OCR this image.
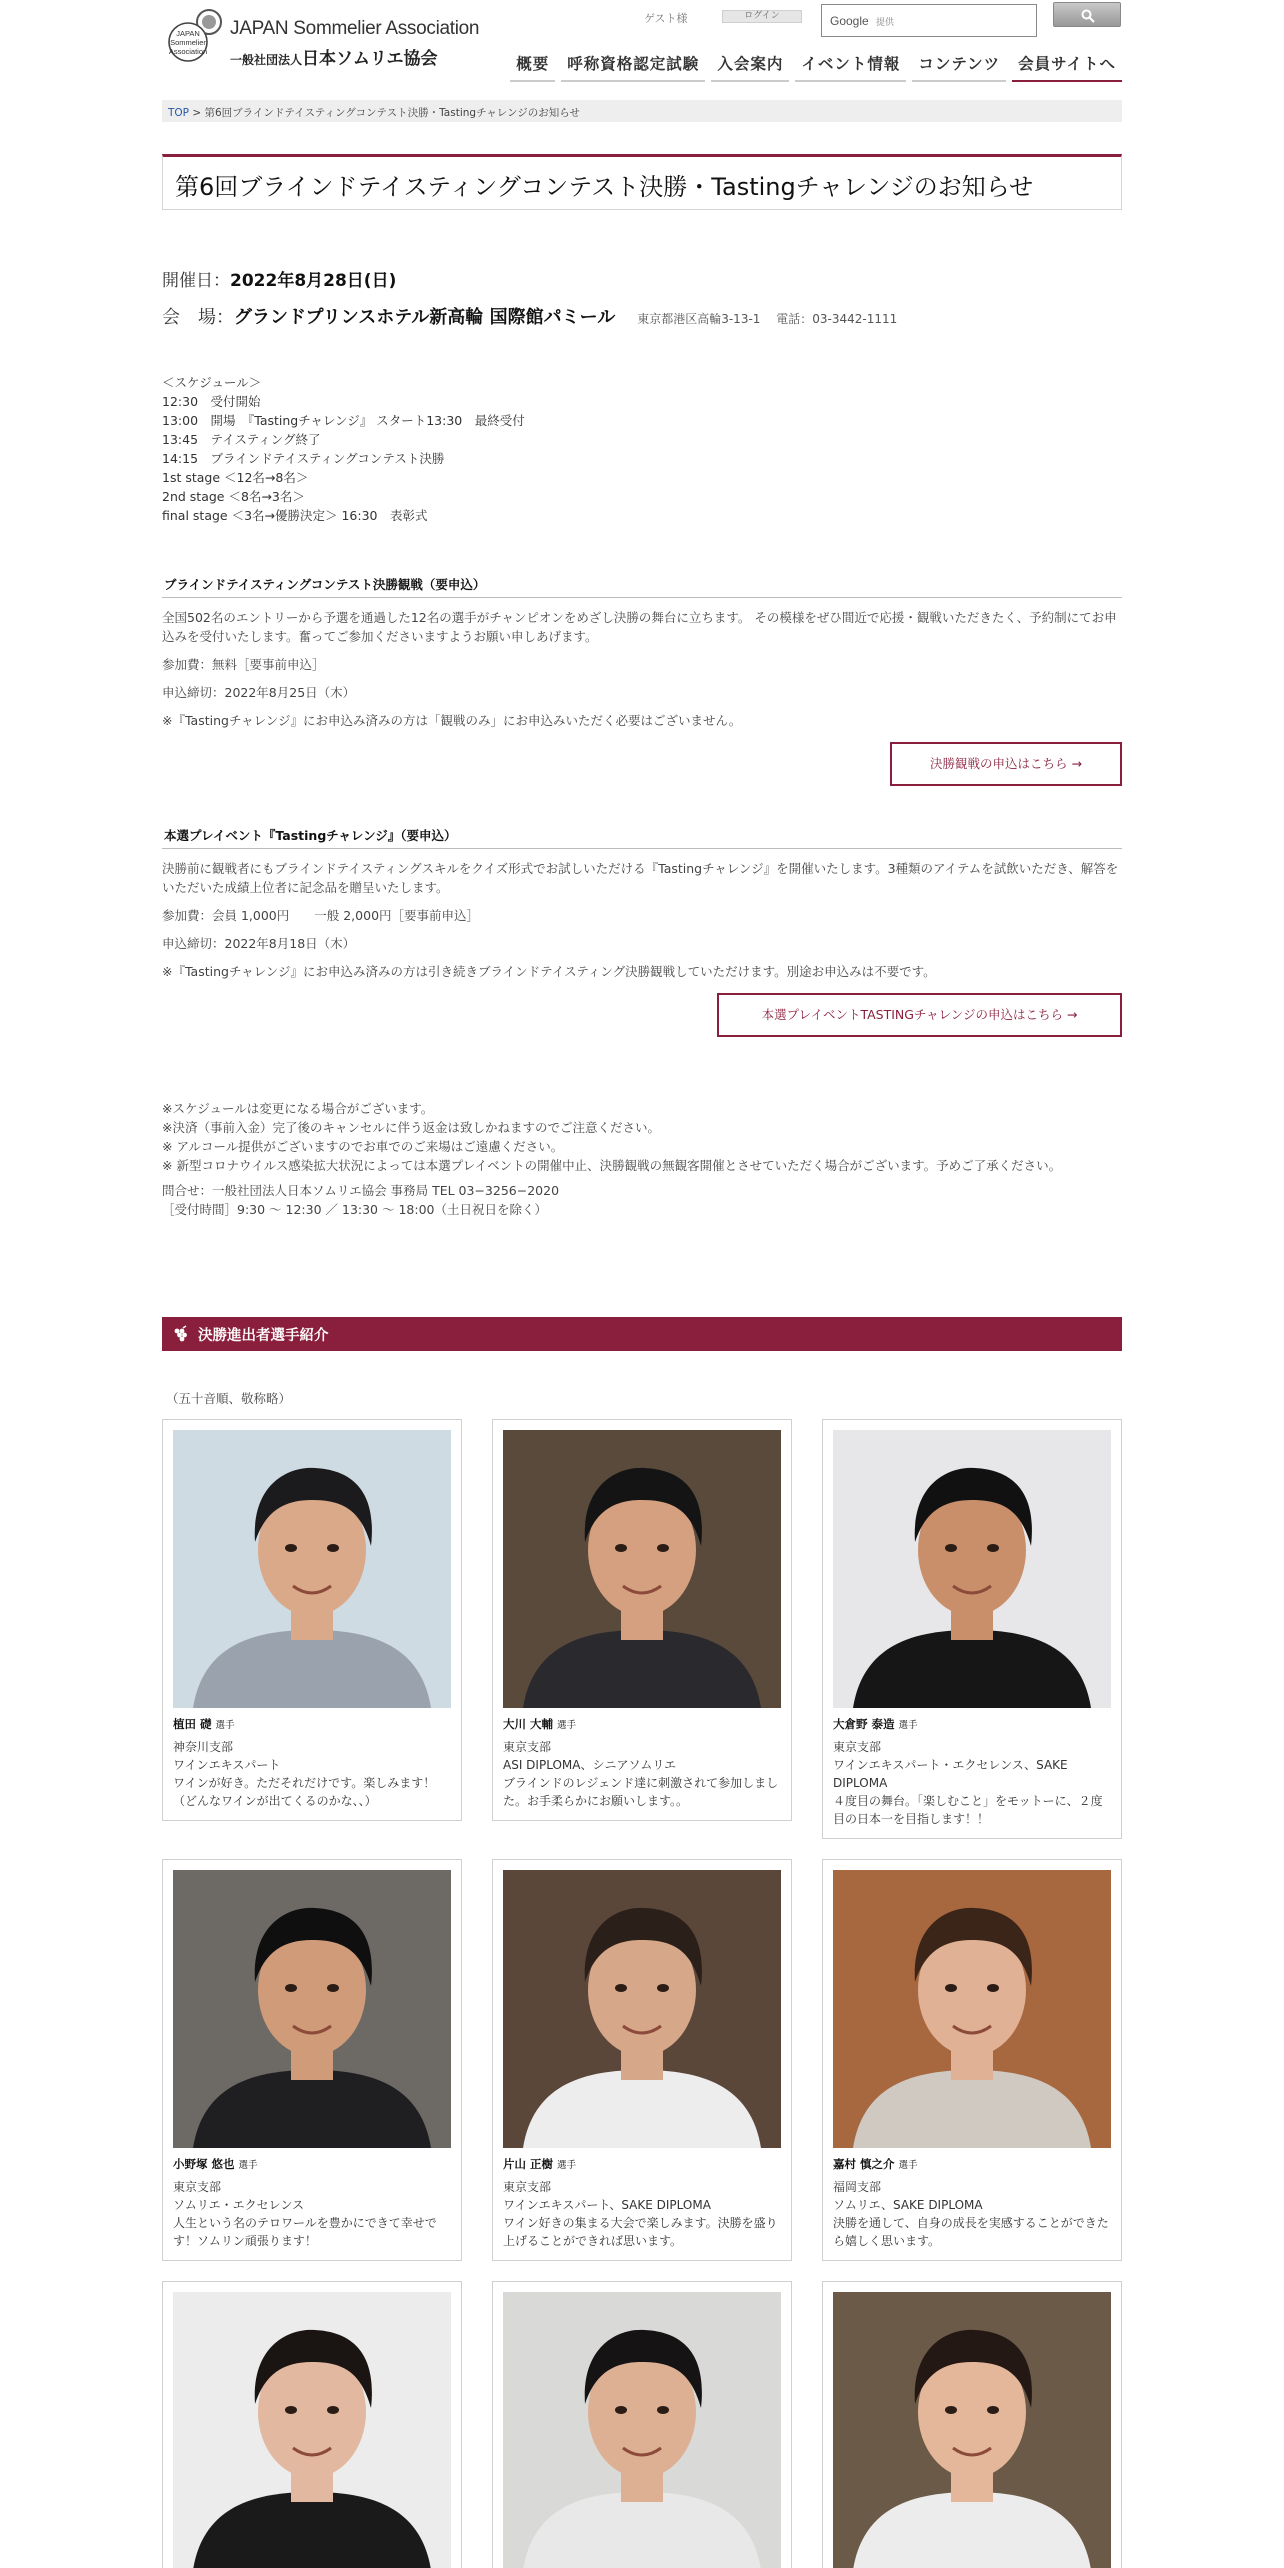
JAPAN
Sommelier
Association
JAPAN Sommelier Association
一般社団法人日本ソムリエ協会
ゲスト様	ログイン	Google 提供
概要	呼称資格認定試験	入会案内	イベント情報	コンテンツ	会員サイトへ
TOP > 第6回ブラインドテイスティングコンテスト決勝・Tastingチャレンジのお知らせ
第6回ブラインドテイスティングコンテスト決勝・Tastingチャレンジのお知らせ
開催日：2022年8月28日(日)
会　場：グランドプリンスホテル新高輪 国際館パミール 東京都港区高輪3-13-1　 電話：03-3442-1111
＜スケジュール＞
12:30　受付開始
13:00　開場　『Tastingチャレンジ』 スタート13:30　最終受付
13:45　テイスティング終了
14:15　ブラインドテイスティングコンテスト決勝
1st stage ＜12名→8名＞
2nd stage ＜8名→3名＞
final stage ＜3名→優勝決定＞ 16:30　表彰式
ブラインドテイスティングコンテスト決勝観戦（要申込）
全国502名のエントリーから予選を通過した12名の選手がチャンピオンをめざし決勝の舞台に立ちます。 その模様をぜひ間近で応援・観戦いただきたく、予約制にてお申込みを受付いたします。奮ってご参加くださいますようお願い申しあげます。
参加費：無料［要事前申込］
申込締切：2022年8月25日（木）
※『Tastingチャレンジ』にお申込み済みの方は「観戦のみ」にお申込みいただく必要はございません。
決勝観戦の申込はこちら →
本選プレイベント『Tastingチャレンジ』（要申込）
決勝前に観戦者にもブラインドテイスティングスキルをクイズ形式でお試しいただける『Tastingチャレンジ』を開催いたします。3種類のアイテムを試飲いただき、解答をいただいた成績上位者に記念品を贈呈いたします。
参加費：会員 1,000円　　一般 2,000円［要事前申込］
申込締切：2022年8月18日（木）
※『Tastingチャレンジ』にお申込み済みの方は引き続きブラインドテイスティング決勝観戦していただけます。別途お申込みは不要です。
本選プレイベントTASTINGチャレンジの申込はこちら →
※スケジュールは変更になる場合がございます。
※決済（事前入金）完了後のキャンセルに伴う返金は致しかねますのでご注意ください。
※ アルコール提供がございますのでお車でのご来場はご遠慮ください。
※ 新型コロナウイルス感染拡大状況によっては本選プレイベントの開催中止、決勝観戦の無観客開催とさせていただく場合がございます。予めご了承ください。
問合せ：一般社団法人日本ソムリエ協会 事務局 TEL 03−3256−2020
［受付時間］9:30 ～ 12:30 ／ 13:30 ～ 18:00（土日祝日を除く）
決勝進出者選手紹介
（五十音順、敬称略）
植田 礎 選手
神奈川支部
ワインエキスパート
ワインが好き。ただそれだけです。楽しみます！（どんなワインが出てくるのかな、、）
大川 大輔 選手
東京支部
ASI DIPLOMA、シニアソムリエ
ブラインドのレジェンド達に刺激されて参加しました。お手柔らかにお願いします。。
大倉野 泰造 選手
東京支部
ワインエキスパート・エクセレンス、SAKE DIPLOMA
４度目の舞台。「楽しむこと」をモットーに、２度目の日本一を目指します！！
小野塚 悠也 選手
東京支部
ソムリエ・エクセレンス
人生という名のテロワールを豊かにできて幸せです！ソムリン頑張ります！
片山 正樹 選手
東京支部
ワインエキスパート、SAKE DIPLOMA
ワイン好きの集まる大会で楽しみます。決勝を盛り上げることができれば思います。
嘉村 慎之介 選手
福岡支部
ソムリエ、SAKE DIPLOMA
決勝を通して、自身の成長を実感することができたら嬉しく思います。
